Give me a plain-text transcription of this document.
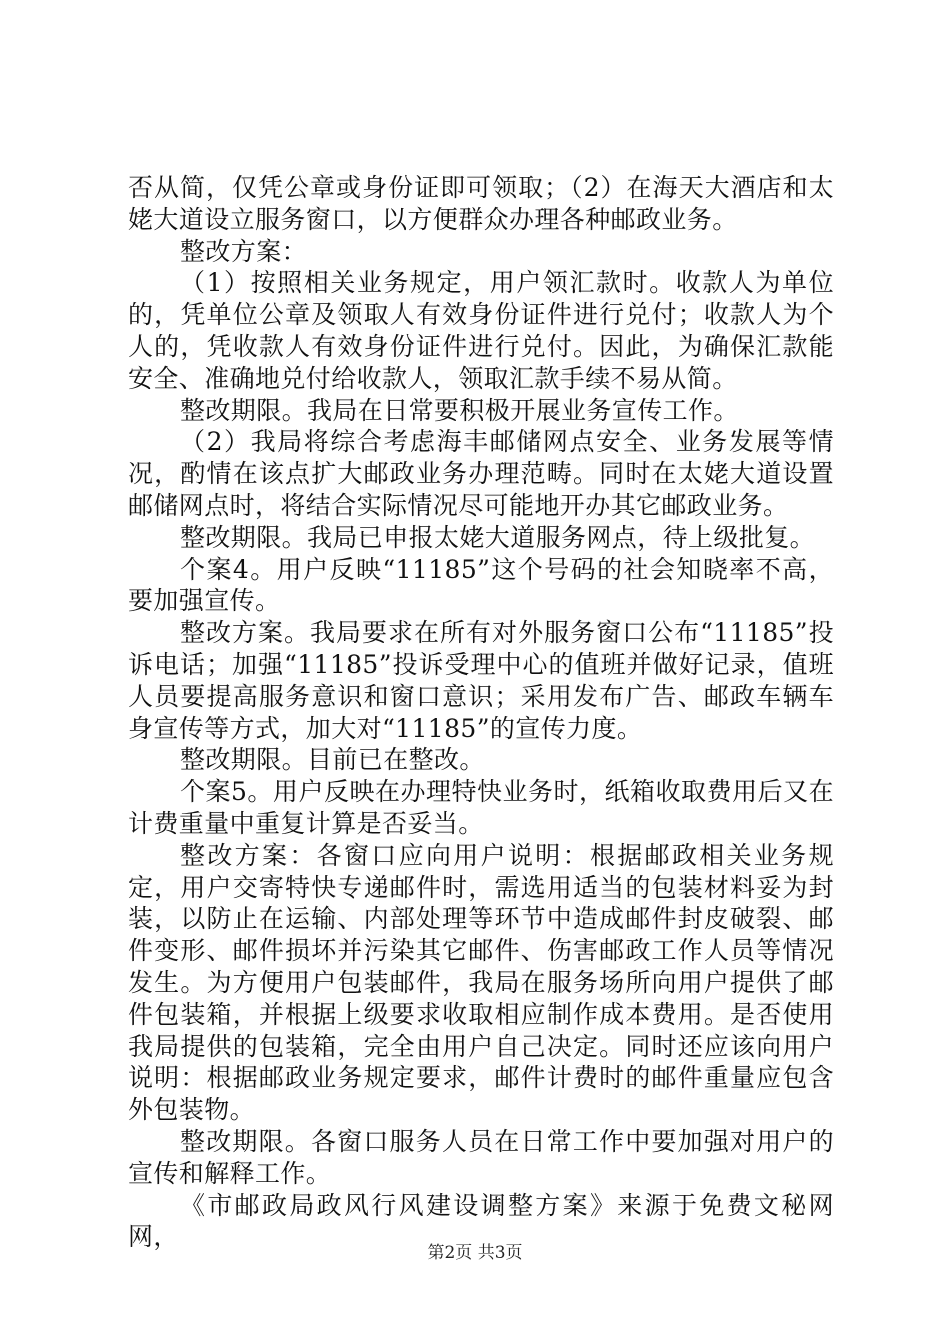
否从简，仅凭公章或身份证即可领取；（2）在海天大酒店和太姥大道设立服务窗口，以方便群众办理各种邮政业务。

整改方案：

（1）按照相关业务规定，用户领汇款时。收款人为单位的，凭单位公章及领取人有效身份证件进行兑付；收款人为个人的，凭收款人有效身份证件进行兑付。因此，为确保汇款能安全、准确地兑付给收款人，领取汇款手续不易从简。

整改期限。我局在日常要积极开展业务宣传工作。

（2）我局将综合考虑海丰邮储网点安全、业务发展等情况，酌情在该点扩大邮政业务办理范畴。同时在太姥大道设置邮储网点时，将结合实际情况尽可能地开办其它邮政业务。

整改期限。我局已申报太姥大道服务网点，待上级批复。

个案4。用户反映“11185”这个号码的社会知晓率不高，要加强宣传。

整改方案。我局要求在所有对外服务窗口公布“11185”投诉电话；加强“11185”投诉受理中心的值班并做好记录，值班人员要提高服务意识和窗口意识；采用发布广告、邮政车辆车身宣传等方式，加大对“11185”的宣传力度。

整改期限。目前已在整改。

个案5。用户反映在办理特快业务时，纸箱收取费用后又在计费重量中重复计算是否妥当。

整改方案：各窗口应向用户说明：根据邮政相关业务规定，用户交寄特快专递邮件时，需选用适当的包装材料妥为封装，以防止在运输、内部处理等环节中造成邮件封皮破裂、邮件变形、邮件损坏并污染其它邮件、伤害邮政工作人员等情况发生。为方便用户包装邮件，我局在服务场所向用户提供了邮件包装箱，并根据上级要求收取相应制作成本费用。是否使用我局提供的包装箱，完全由用户自己决定。同时还应该向用户说明：根据邮政业务规定要求，邮件计费时的邮件重量应包含外包装物。

整改期限。各窗口服务人员在日常工作中要加强对用户的宣传和解释工作。

《市邮政局政风行风建设调整方案》来源于免费文秘网网，

第2页 共3页
